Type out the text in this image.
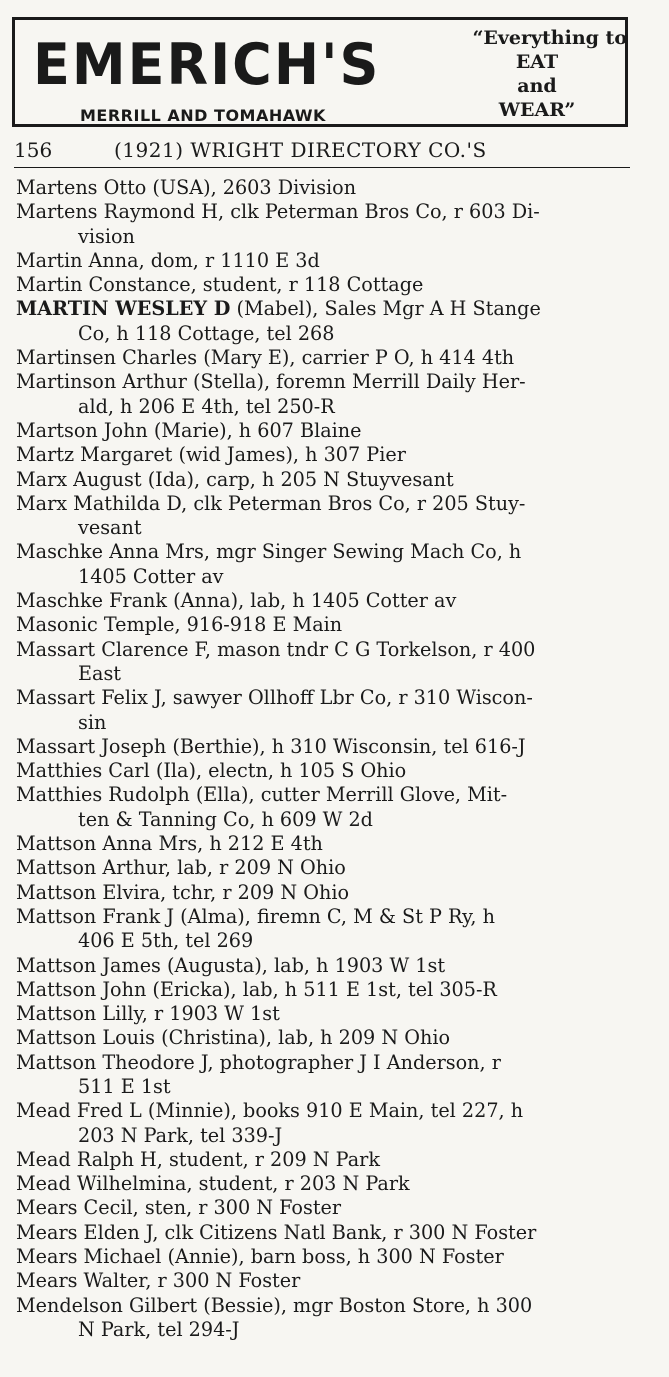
EMERICH'S
MERRILL AND TOMAHAWK
“Everything to
EAT
and
WEAR”
156	(1921) WRIGHT DIRECTORY CO.'S
Martens Otto (USA), 2603 Division
Martens Raymond H, clk Peterman Bros Co, r 603 Di-
vision
Martin Anna, dom, r 1110 E 3d
Martin Constance, student, r 118 Cottage
MARTIN WESLEY D (Mabel), Sales Mgr A H Stange
Co, h 118 Cottage, tel 268
Martinsen Charles (Mary E), carrier P O, h 414 4th
Martinson Arthur (Stella), foremn Merrill Daily Her-
ald, h 206 E 4th, tel 250-R
Martson John (Marie), h 607 Blaine
Martz Margaret (wid James), h 307 Pier
Marx August (Ida), carp, h 205 N Stuyvesant
Marx Mathilda D, clk Peterman Bros Co, r 205 Stuy-
vesant
Maschke Anna Mrs, mgr Singer Sewing Mach Co, h
1405 Cotter av
Maschke Frank (Anna), lab, h 1405 Cotter av
Masonic Temple, 916-918 E Main
Massart Clarence F, mason tndr C G Torkelson, r 400
East
Massart Felix J, sawyer Ollhoff Lbr Co, r 310 Wiscon-
sin
Massart Joseph (Berthie), h 310 Wisconsin, tel 616-J
Matthies Carl (Ila), electn, h 105 S Ohio
Matthies Rudolph (Ella), cutter Merrill Glove, Mit-
ten & Tanning Co, h 609 W 2d
Mattson Anna Mrs, h 212 E 4th
Mattson Arthur, lab, r 209 N Ohio
Mattson Elvira, tchr, r 209 N Ohio
Mattson Frank J (Alma), firemn C, M & St P Ry, h
406 E 5th, tel 269
Mattson James (Augusta), lab, h 1903 W 1st
Mattson John (Ericka), lab, h 511 E 1st, tel 305-R
Mattson Lilly, r 1903 W 1st
Mattson Louis (Christina), lab, h 209 N Ohio
Mattson Theodore J, photographer J I Anderson, r
511 E 1st
Mead Fred L (Minnie), books 910 E Main, tel 227, h
203 N Park, tel 339-J
Mead Ralph H, student, r 209 N Park
Mead Wilhelmina, student, r 203 N Park
Mears Cecil, sten, r 300 N Foster
Mears Elden J, clk Citizens Natl Bank, r 300 N Foster
Mears Michael (Annie), barn boss, h 300 N Foster
Mears Walter, r 300 N Foster
Mendelson Gilbert (Bessie), mgr Boston Store, h 300
N Park, tel 294-J
